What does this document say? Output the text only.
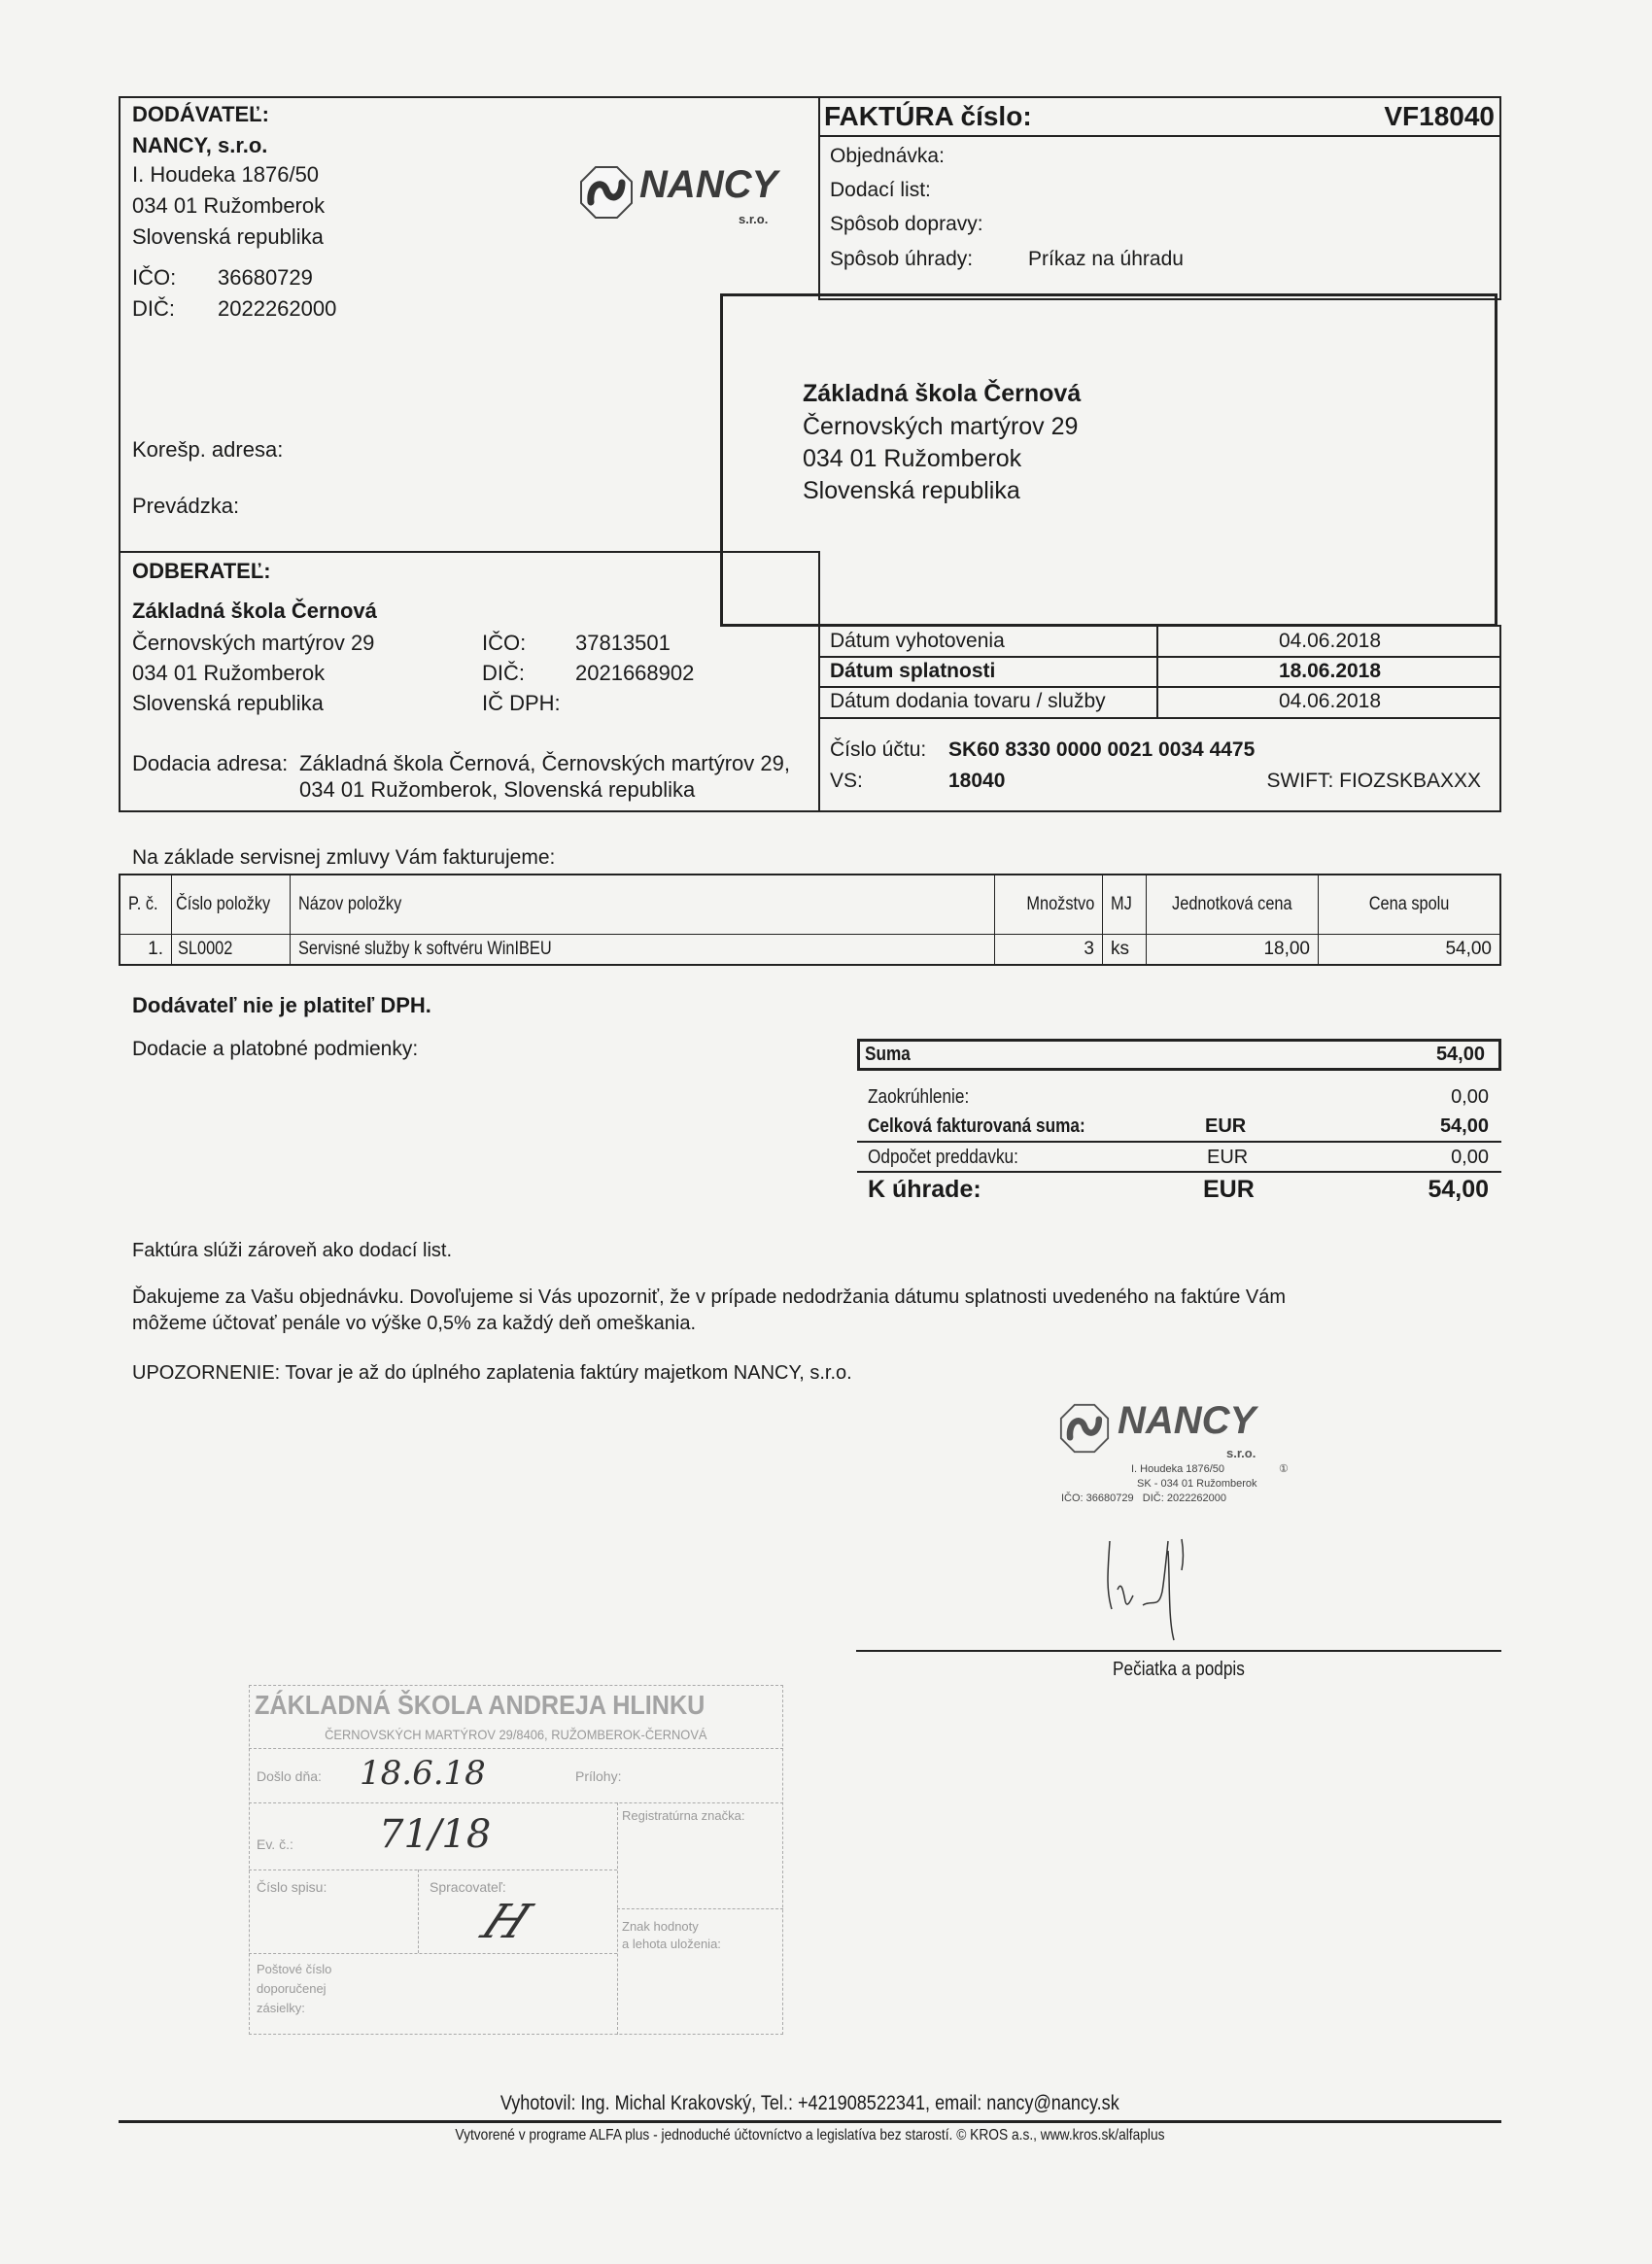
DODÁVATEĽ:
NANCY, s.r.o.
I. Houdeka 1876/50
034 01 Ružomberok
Slovenská republika
IČO: 36680729
DIČ: 2022262000
Korešp. adresa:
Prevádzka:
NANCY
s.r.o.
FAKTÚRA číslo:	VF18040
Objednávka:
Dodací list:
Spôsob dopravy:
Spôsob úhrady:	Príkaz na úhradu
Základná škola Černová
Černovských martýrov 29
034 01 Ružomberok
Slovenská republika
ODBERATEĽ:
Základná škola Černová
Černovských martýrov 29
034 01 Ružomberok
Slovenská republika
IČO: 37813501
DIČ: 2021668902
IČ DPH:
Dodacia adresa: Základná škola Černová, Černovských martýrov 29,
034 01 Ružomberok, Slovenská republika
Dátum vyhotovenia	04.06.2018
Dátum splatnosti	18.06.2018
Dátum dodania tovaru / služby	04.06.2018
Číslo účtu: SK60 8330 0000 0021 0034 4475
VS:	18040	SWIFT: FIOZSKBAXXX
Na základe servisnej zmluvy Vám fakturujeme:
P. č.	Číslo položky	Názov položky	Množstvo	MJ	Jednotková cena	Cena spolu
1.	SL0002	Servisné služby k softvéru WinIBEU	3	ks	18,00	54,00
Dodávateľ nie je platiteľ DPH.
Dodacie a platobné podmienky:	Suma	54,00
Zaokrúhlenie:	0,00
Celková fakturovaná suma:	EUR	54,00
Odpočet preddavku:	EUR	0,00
K úhrade:	EUR	54,00
Faktúra slúži zároveň ako dodací list.
Ďakujeme za Vašu objednávku. Dovoľujeme si Vás upozorniť, že v prípade nedodržania dátumu splatnosti uvedeného na faktúre Vám
môžeme účtovať penále vo výške 0,5% za každý deň omeškania.
UPOZORNENIE: Tovar je až do úplného zaplatenia faktúry majetkom NANCY, s.r.o.
NANCY
s.r.o.
I. Houdeka 1876/50	①
SK - 034 01 Ružomberok
IČO: 36680729   DIČ: 2022262000
Pečiatka a podpis
ZÁKLADNÁ ŠKOLA ANDREJA HLINKU
ČERNOVSKÝCH MARTÝROV 29/8406, RUŽOMBEROK-ČERNOVÁ
Došlo dňa: 18.6.18	Prílohy:
Ev. č.: 71/18	Registratúrna značka:
Číslo spisu:	Spracovateľ:
H	Znak hodnoty
a lehota uloženia:
Poštové číslo
doporučenej
zásielky:
Vyhotovil: Ing. Michal Krakovský, Tel.: +421908522341, email: nancy@nancy.sk
Vytvorené v programe ALFA plus - jednoduché účtovníctvo a legislatíva bez starostí. © KROS a.s., www.kros.sk/alfaplus
